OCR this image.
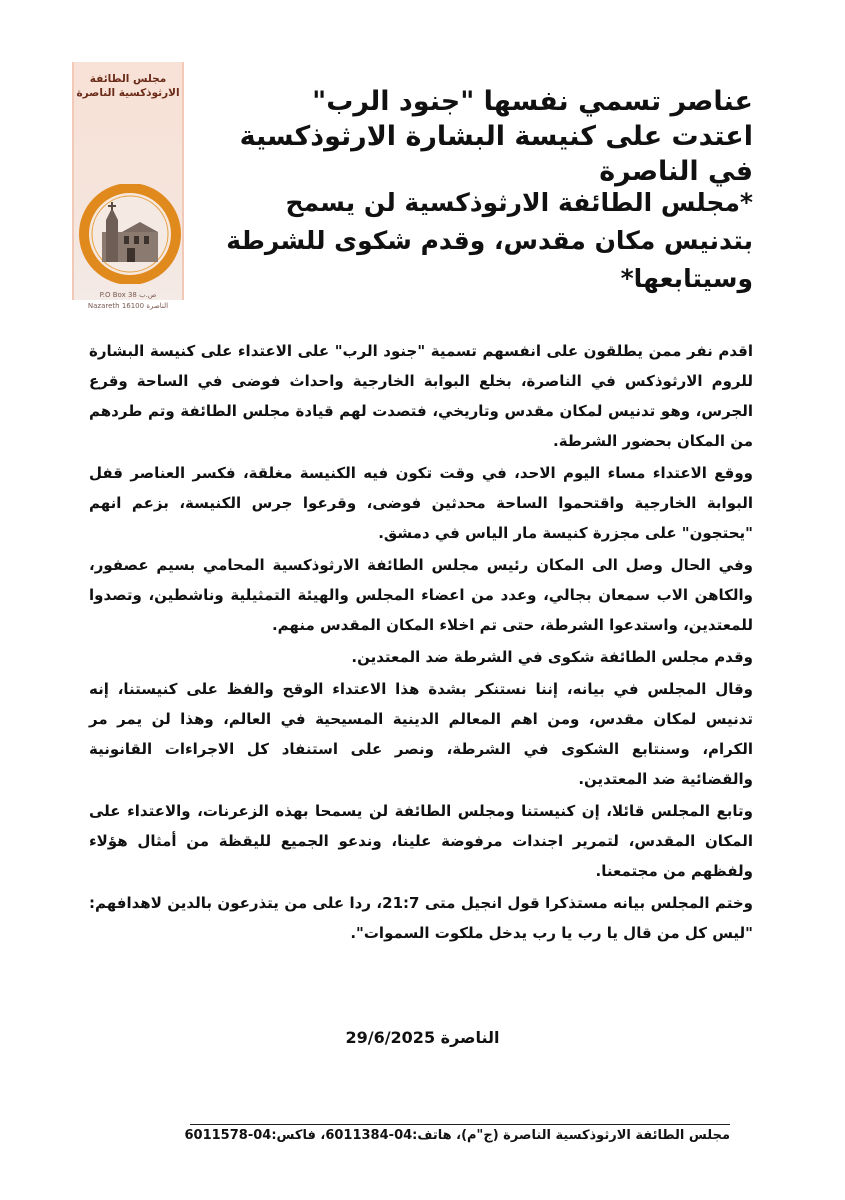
مجلس الطائفة الارثوذكسية الناصرة
P.O Box 38 ص.ب
Nazareth 16100 الناصرة
عناصر تسمي نفسها "جنود الرب" اعتدت على كنيسة البشارة الارثوذكسية في الناصرة
*مجلس الطائفة الارثوذكسية لن يسمح بتدنيس مكان مقدس، وقدم شكوى للشرطة وسيتابعها*

اقدم نفر ممن يطلقون على انفسهم تسمية "جنود الرب" على الاعتداء على كنيسة البشارة للروم الارثوذكس في الناصرة، بخلع البوابة الخارجية واحداث فوضى في الساحة وقرع الجرس، وهو تدنيس لمكان مقدس وتاريخي، فتصدت لهم قيادة مجلس الطائفة وتم طردهم من المكان بحضور الشرطة.

ووقع الاعتداء مساء اليوم الاحد، في وقت تكون فيه الكنيسة مغلقة، فكسر العناصر قفل البوابة الخارجية واقتحموا الساحة محدثين فوضى، وقرعوا جرس الكنيسة، بزعم انهم "يحتجون" على مجزرة كنيسة مار الياس في دمشق.

وفي الحال وصل الى المكان رئيس مجلس الطائفة الارثوذكسية المحامي بسيم عصفور، والكاهن الاب سمعان بجالي، وعدد من اعضاء المجلس والهيئة التمثيلية وناشطين، وتصدوا للمعتدين، واستدعوا الشرطة، حتى تم اخلاء المكان المقدس منهم.

وقدم مجلس الطائفة شكوى في الشرطة ضد المعتدين.

وقال المجلس في بيانه، إننا نستنكر بشدة هذا الاعتداء الوقح والفظ على كنيستنا، إنه تدنيس لمكان مقدس، ومن اهم المعالم الدينية المسيحية في العالم، وهذا لن يمر مر الكرام، وسنتابع الشكوى في الشرطة، ونصر على استنفاد كل الاجراءات القانونية والقضائية ضد المعتدين.

وتابع المجلس قائلا، إن كنيستنا ومجلس الطائفة لن يسمحا بهذه الزعرنات، والاعتداء على المكان المقدس، لتمرير اجندات مرفوضة علينا، وندعو الجميع لليقظة من أمثال هؤلاء ولفظهم من مجتمعنا.

وختم المجلس بيانه مستذكرا قول انجيل متى 21:7، ردا على من يتذرعون بالدين لاهدافهم: "ليس كل من قال يا رب يا رب يدخل ملكوت السموات".

الناصرة 29/6/2025
مجلس الطائفة الارثوذكسية الناصرة (ج"م)، هاتف:04-6011384، فاكس:04-6011578
